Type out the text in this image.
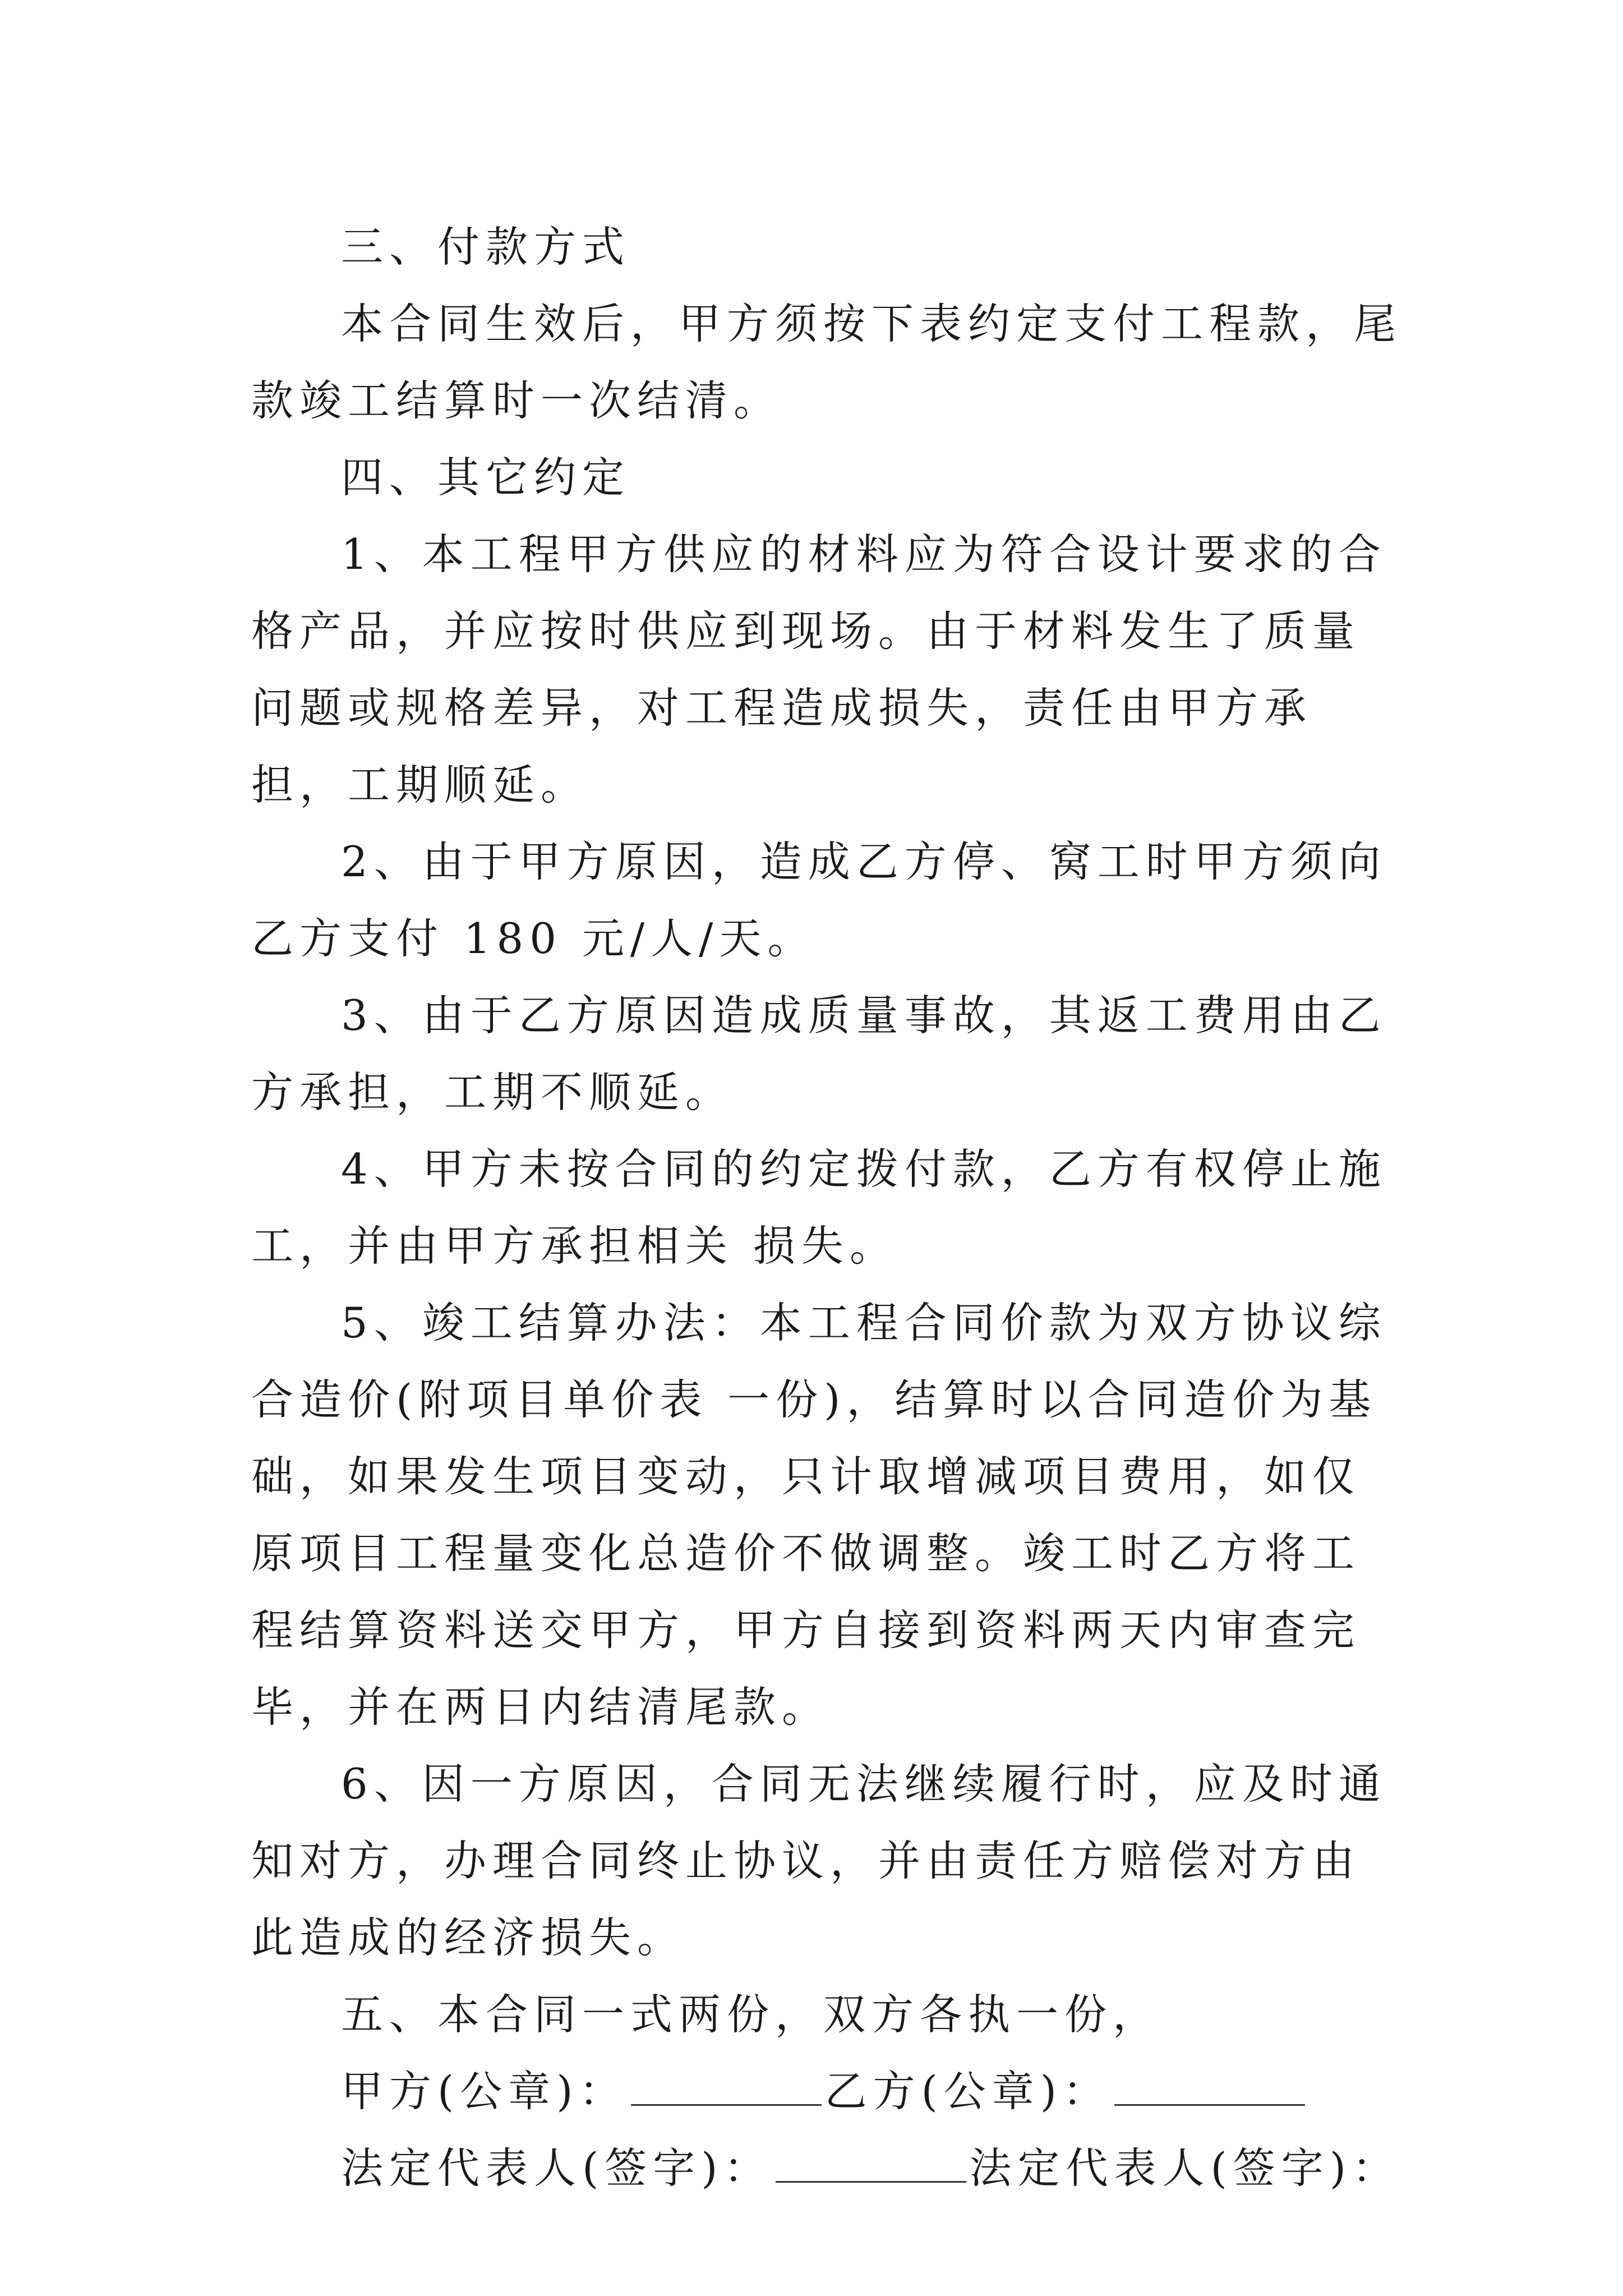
三、付款方式

本合同生效后，甲方须按下表约定支付工程款，尾款竣工结算时一次结清。

四、其它约定

1、本工程甲方供应的材料应为符合设计要求的合格产品，并应按时供应到现场。由于材料发生了质量问题或规格差异，对工程造成损失，责任由甲方承担，工期顺延。

2、由于甲方原因，造成乙方停、窝工时甲方须向乙方支付 180 元/人/天。

3、由于乙方原因造成质量事故，其返工费用由乙方承担，工期不顺延。

4、甲方未按合同的约定拨付款，乙方有权停止施工，并由甲方承担相关 损失。

5、竣工结算办法：本工程合同价款为双方协议综合造价(附项目单价表 一份)，结算时以合同造价为基础，如果发生项目变动，只计取增减项目费用，如仅原项目工程量变化总造价不做调整。竣工时乙方将工程结算资料送交甲方，甲方自接到资料两天内审查完毕，并在两日内结清尾款。

6、因一方原因，合同无法继续履行时，应及时通知对方，办理合同终止协议，并由责任方赔偿对方由此造成的经济损失。

五、本合同一式两份，双方各执一份，

甲方(公章)：	乙方(公章)：

法定代表人(签字)：	法定代表人(签字)：
